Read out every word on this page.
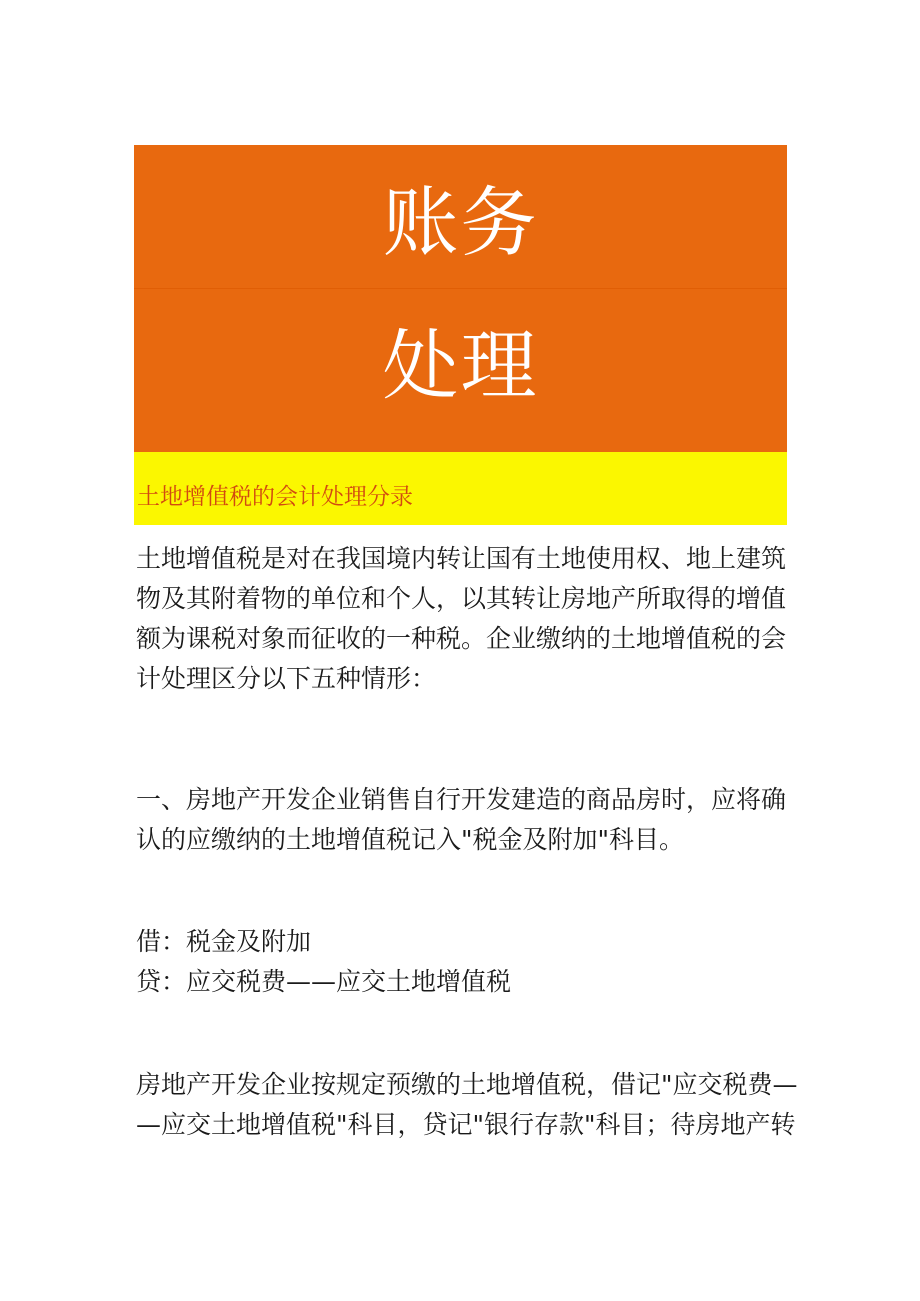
账务
处理
土地增值税的会计处理分录
土地增值税是对在我国境内转让国有土地使用权、地上建筑
物及其附着物的单位和个人，以其转让房地产所取得的增值
额为课税对象而征收的一种税。企业缴纳的土地增值税的会
计处理区分以下五种情形：
一、房地产开发企业销售自行开发建造的商品房时，应将确
认的应缴纳的土地增值税记入"税金及附加"科目。
借：税金及附加
贷：应交税费——应交土地增值税
房地产开发企业按规定预缴的土地增值税，借记"应交税费—
—应交土地增值税"科目，贷记"银行存款"科目；待房地产转
